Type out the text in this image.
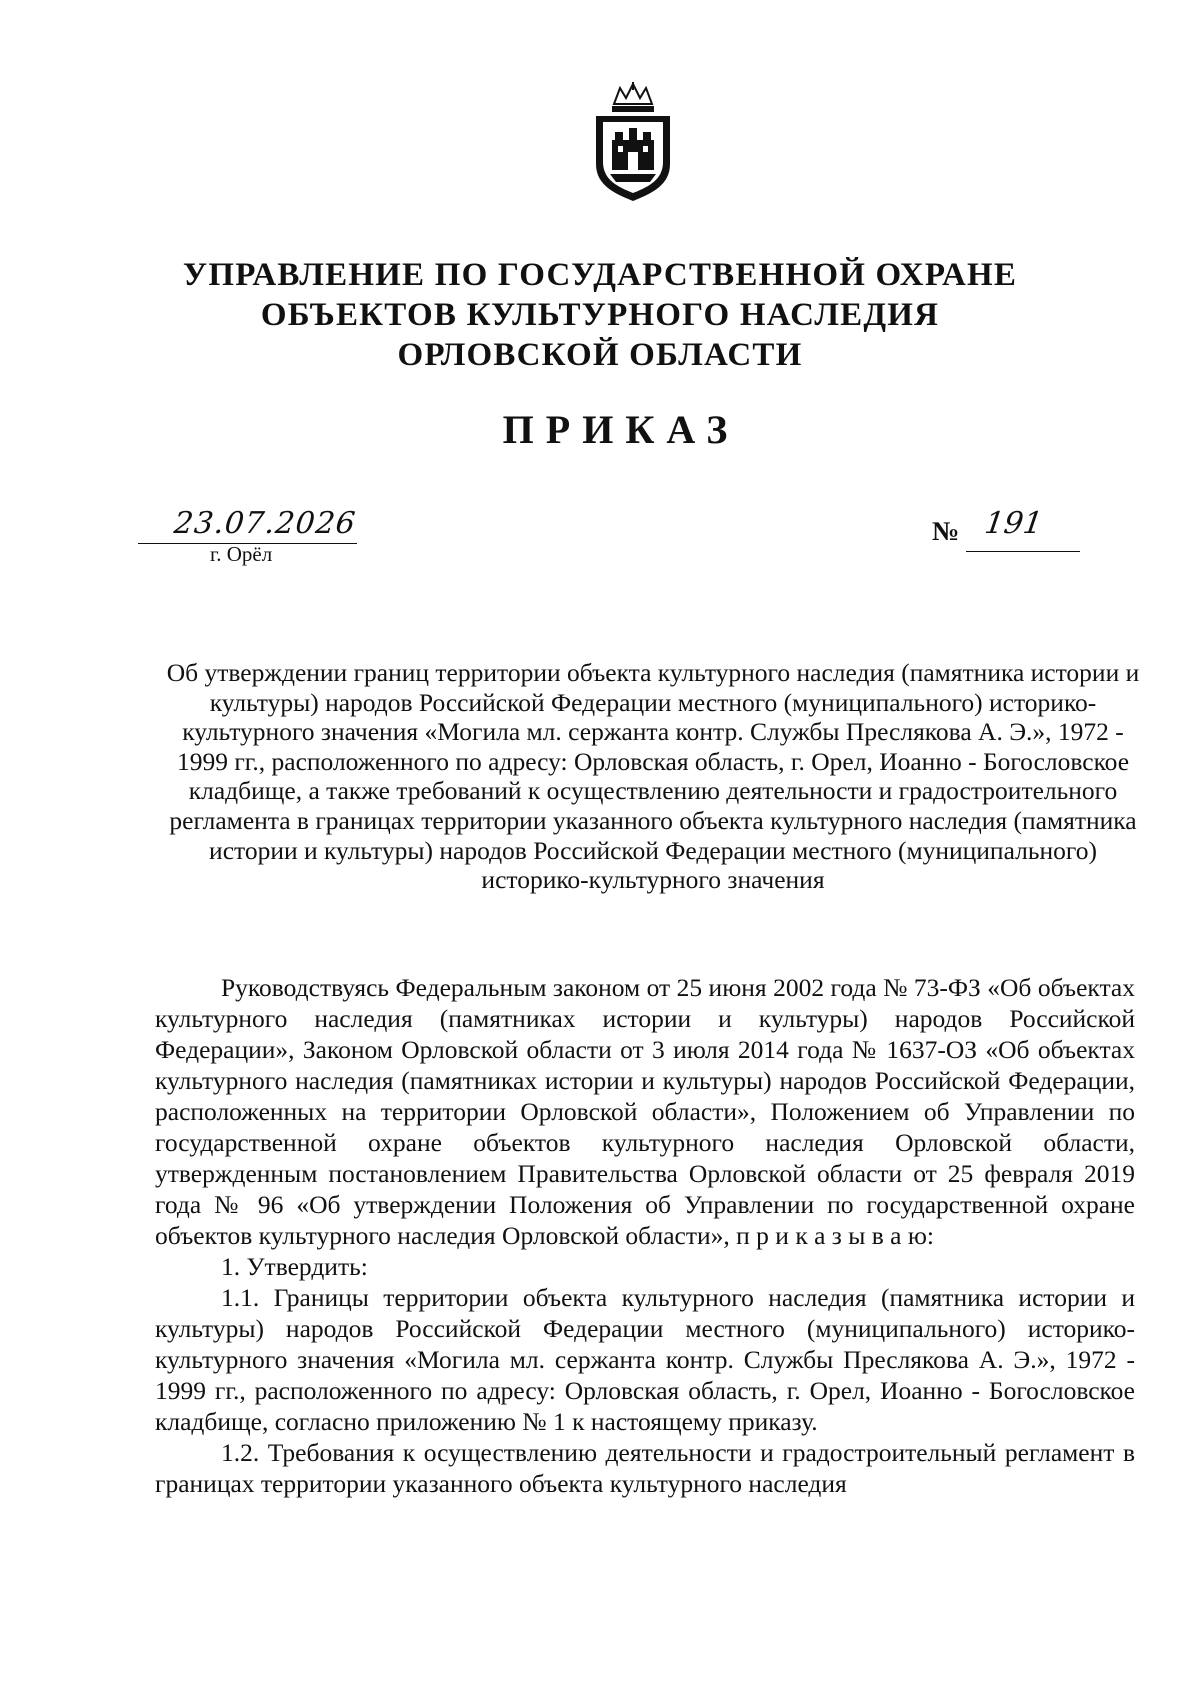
УПРАВЛЕНИЕ ПО ГОСУДАРСТВЕННОЙ ОХРАНЕ
ОБЪЕКТОВ КУЛЬТУРНОГО НАСЛЕДИЯ
ОРЛОВСКОЙ ОБЛАСТИ
ПРИКАЗ
23.07.2026
г. Орёл
№ 191
Об утверждении границ территории объекта культурного наследия (памятника истории и культуры) народов Российской Федерации местного (муниципального) историко-культурного значения «Могила мл. сержанта контр. Службы Преслякова А. Э.», 1972 - 1999 гг., расположенного по адресу: Орловская область, г. Орел, Иоанно - Богословское кладбище, а также требований к осуществлению деятельности и градостроительного регламента в границах территории указанного объекта культурного наследия (памятника истории и культуры) народов Российской Федерации местного (муниципального) историко-культурного значения

Руководствуясь Федеральным законом от 25 июня 2002 года № 73-ФЗ «Об объектах культурного наследия (памятниках истории и культуры) народов Российской Федерации», Законом Орловской области от 3 июля 2014 года № 1637-ОЗ «Об объектах культурного наследия (памятниках истории и культуры) народов Российской Федерации, расположенных на территории Орловской области», Положением об Управлении по государственной охране объектов культурного наследия Орловской области, утвержденным постановлением Правительства Орловской области от 25 февраля 2019 года № 96 «Об утверждении Положения об Управлении по государственной охране объектов культурного наследия Орловской области», п р и к а з ы в а ю:

1. Утвердить:

1.1. Границы территории объекта культурного наследия (памятника истории и культуры) народов Российской Федерации местного (муниципального) историко-культурного значения «Могила мл. сержанта контр. Службы Преслякова А. Э.», 1972 - 1999 гг., расположенного по адресу: Орловская область, г. Орел, Иоанно - Богословское кладбище, согласно приложению № 1 к настоящему приказу.

1.2. Требования к осуществлению деятельности и градостроительный регламент в границах территории указанного объекта культурного наследия
